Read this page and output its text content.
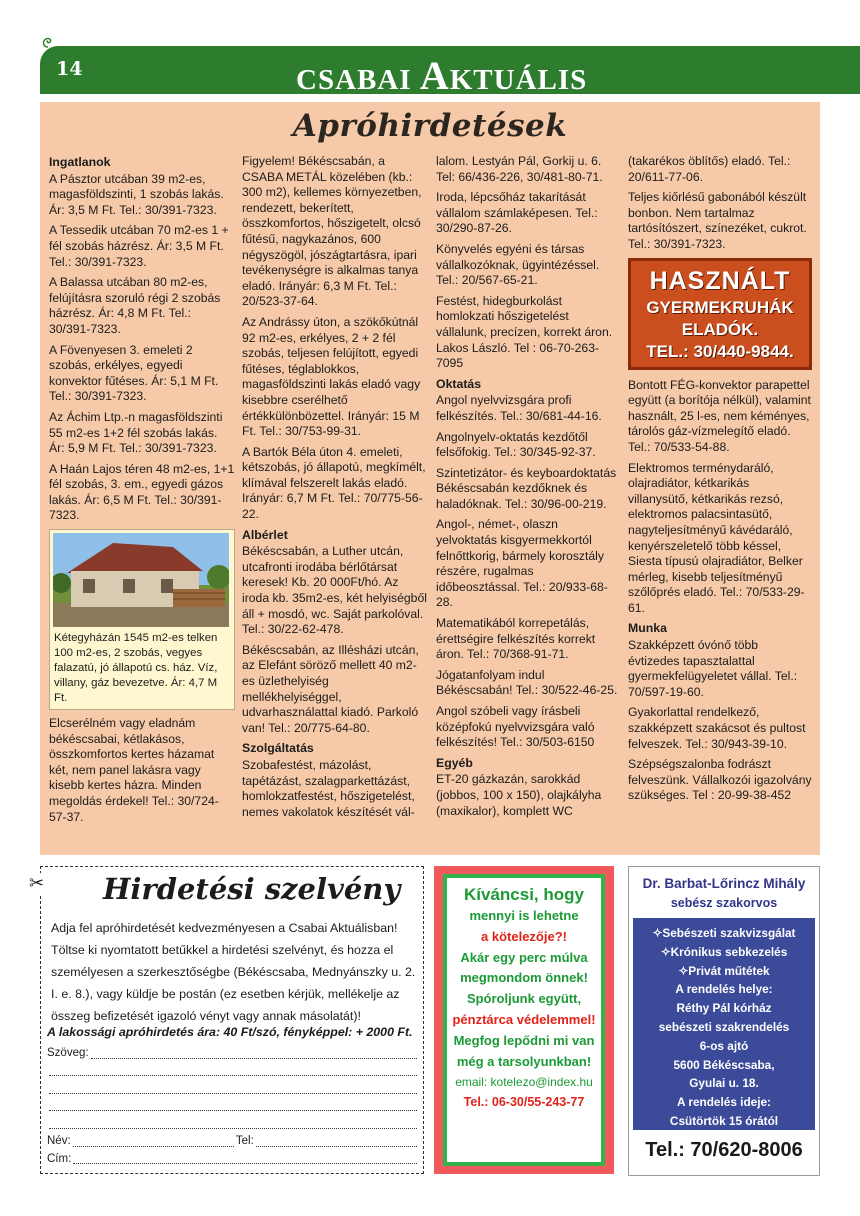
14	CSABAI AKTUÁLIS
Apróhirdetések
Ingatlanok

A Pásztor utcában 39 m2-es, magasföldszinti, 1 szobás lakás. Ár: 3,5 M Ft. Tel.: 30/391-7323.

A Tessedik utcában 70 m2-es 1 + fél szobás házrész. Ár: 3,5 M Ft. Tel.: 30/391-7323.

A Balassa utcában 80 m2-es, felújításra szoruló régi 2 szobás házrész. Ár: 4,8 M Ft. Tel.: 30/391-7323.

A Fövenyesen 3. emeleti 2 szobás, erkélyes, egyedi konvektor fűtéses. Ár: 5,1 M Ft. Tel.: 30/391-7323.

Az Áchim Ltp.-n magasföldszinti 55 m2-es 1+2 fél szobás lakás. Ár: 5,9 M Ft. Tel.: 30/391-7323.

A Haán Lajos téren 48 m2-es, 1+1 fél szobás, 3. em., egyedi gázos lakás. Ár: 6,5 M Ft. Tel.: 30/391-7323.

Kétegyházán 1545 m2-es telken 100 m2-es, 2 szobás, vegyes falazatú, jó állapotú cs. ház. Víz, villany, gáz bevezetve. Ár: 4,7 M Ft.

Elcserélném vagy eladnám békéscsabai, kétlakásos, összkomfortos kertes házamat két, nem panel lakásra vagy kisebb kertes házra. Minden megoldás érdekel! Tel.: 30/724-57-37.

Figyelem! Békéscsabán, a CSABA METÁL közelében (kb.: 300 m2), kellemes környezetben, rendezett, bekerített, összkomfortos, hőszigetelt, olcsó fűtésű, nagykazános, 600 négyszögöl, jószágtartásra, ipari tevékenységre is alkalmas tanya eladó. Irányár: 6,3 M Ft. Tel.: 20/523-37-64.

Az Andrássy úton, a szökőkútnál 92 m2-es, erkélyes, 2 + 2 fél szobás, teljesen felújított, egyedi fűtéses, téglablokkos, magasföldszinti lakás eladó vagy kisebbre cserélhető értékkülönbözettel. Irányár: 15 M Ft. Tel.: 30/753-99-31.

A Bartók Béla úton 4. emeleti, kétszobás, jó állapotú, megkímélt, klímával felszerelt lakás eladó. Irányár: 6,7 M Ft. Tel.: 70/775-56-22.

Albérlet

Békéscsabán, a Luther utcán, utcafronti irodába bérlőtársat keresek! Kb. 20 000Ft/hó. Az iroda kb. 35m2-es, két helyiségből áll + mosdó, wc. Saját parkolóval. Tel.: 30/22-62-478.

Békéscsabán, az Illésházi utcán, az Elefánt söröző mellett 40 m2-es üzlethelyiség mellékhelyiséggel, udvarhasználattal kiadó. Parkoló van! Tel.: 20/775-64-80.

Szolgáltatás

Szobafestést, mázolást, tapétázást, szalagparkettázást, homlokzatfestést, hőszigetelést, nemes vakolatok készítését vál-

lalom. Lestyán Pál, Gorkij u. 6. Tel: 66/436-226, 30/481-80-71.

Iroda, lépcsőház takarítását vállalom számlaképesen. Tel.: 30/290-87-26.

Könyvelés egyéni és társas vállalkozóknak, ügyintézéssel. Tel.: 20/567-65-21.

Festést, hidegburkolást homlokzati hőszigetelést vállalunk, precízen, korrekt áron. Lakos László. Tel : 06-70-263-7095

Oktatás

Angol nyelvvizsgára profi felkészítés. Tel.: 30/681-44-16.

Angolnyelv-oktatás kezdőtől felsőfokig. Tel.: 30/345-92-37.

Szintetizátor- és keyboardoktatás Békéscsabán kezdőknek és haladóknak. Tel.: 30/96-00-219.

Angol-, német-, olaszn yelvoktatás kisgyermekkortól felnőttkorig, bármely korosztály részére, rugalmas időbeosztással. Tel.: 20/933-68-28.

Matematikából korrepetálás, érettségire felkészítés korrekt áron. Tel.: 70/368-91-71.

Jógatanfolyam indul Békéscsabán! Tel.: 30/522-46-25.

Angol szóbeli vagy írásbeli középfokú nyelvvizsgára való felkészítés! Tel.: 30/503-6150

Egyéb

ET-20 gázkazán, sarokkád (jobbos, 100 x 150), olajkályha (maxikalor), komplett WC

(takarékos öblítős) eladó. Tel.: 20/611-77-06.

Teljes kiőrlésű gabonából készült bonbon. Nem tartalmaz tartósítószert, színezéket, cukrot. Tel.: 30/391-7323.

HASZNÁLT
GYERMEKRUHÁK
ELADÓK.
TEL.: 30/440-9844.

Bontott FÉG-konvektor parapettel együtt (a borítója nélkül), valamint használt, 25 l-es, nem kéményes, tárolós gáz-vízmelegítő eladó. Tel.: 70/533-54-88.

Elektromos terménydaráló, olajradiátor, kétkarikás villanysütő, kétkarikás rezsó, elektromos palacsintasütő, nagyteljesítményű kávédaráló, kenyérszeletelő több késsel, Siesta típusú olajradiátor, Belker mérleg, kisebb teljesítményű szőlőprés eladó. Tel.: 70/533-29-61.

Munka

Szakképzett óvónő több évtizedes tapasztalattal gyermekfelügyeletet vállal. Tel.: 70/597-19-60.

Gyakorlattal rendelkező, szakképzett szakácsot és pultost felveszek. Tel.: 30/943-39-10.

Szépségszalonba fodrászt felveszünk. Vállalkozói igazolvány szükséges. Tel : 20-99-38-452

✂ Hirdetési szelvény
Adja fel apróhirdetését kedvezményesen a Csabai Aktuálisban! Töltse ki nyomtatott betűkkel a hirdetési szelvényt, és hozza el személyesen a szerkesztőségbe (Békéscsaba, Mednyánszky u. 2. I. e. 8.), vagy küldje be postán (ez esetben kérjük, mellékelje az összeg befizetését igazoló vényt vagy annak másolatát)!
A lakossági apróhirdetés ára: 40 Ft/szó, fényképpel: + 2000 Ft.
Szöveg:
Név:	Tel:
Cím:
Kíváncsi, hogy
mennyi is lehetne
a kötelezője?!
Akár egy perc múlva
megmondom önnek!
Spóroljunk együtt,
pénztárca védelemmel!
Megfog lepődni mi van
még a tarsolyunkban!
email: kotelezo@index.hu
Tel.: 06-30/55-243-77
Dr. Barbat-Lőrincz Mihály
sebész szakorvos
✧Sebészeti szakvizsgálat
✧Krónikus sebkezelés
✧Privát műtétek
A rendelés helye:
Réthy Pál kórház
sebészeti szakrendelés
6-os ajtó
5600 Békéscsaba,
Gyulai u. 18.
A rendelés ideje:
Csütörtök 15 órától
Tel.: 70/620-8006
